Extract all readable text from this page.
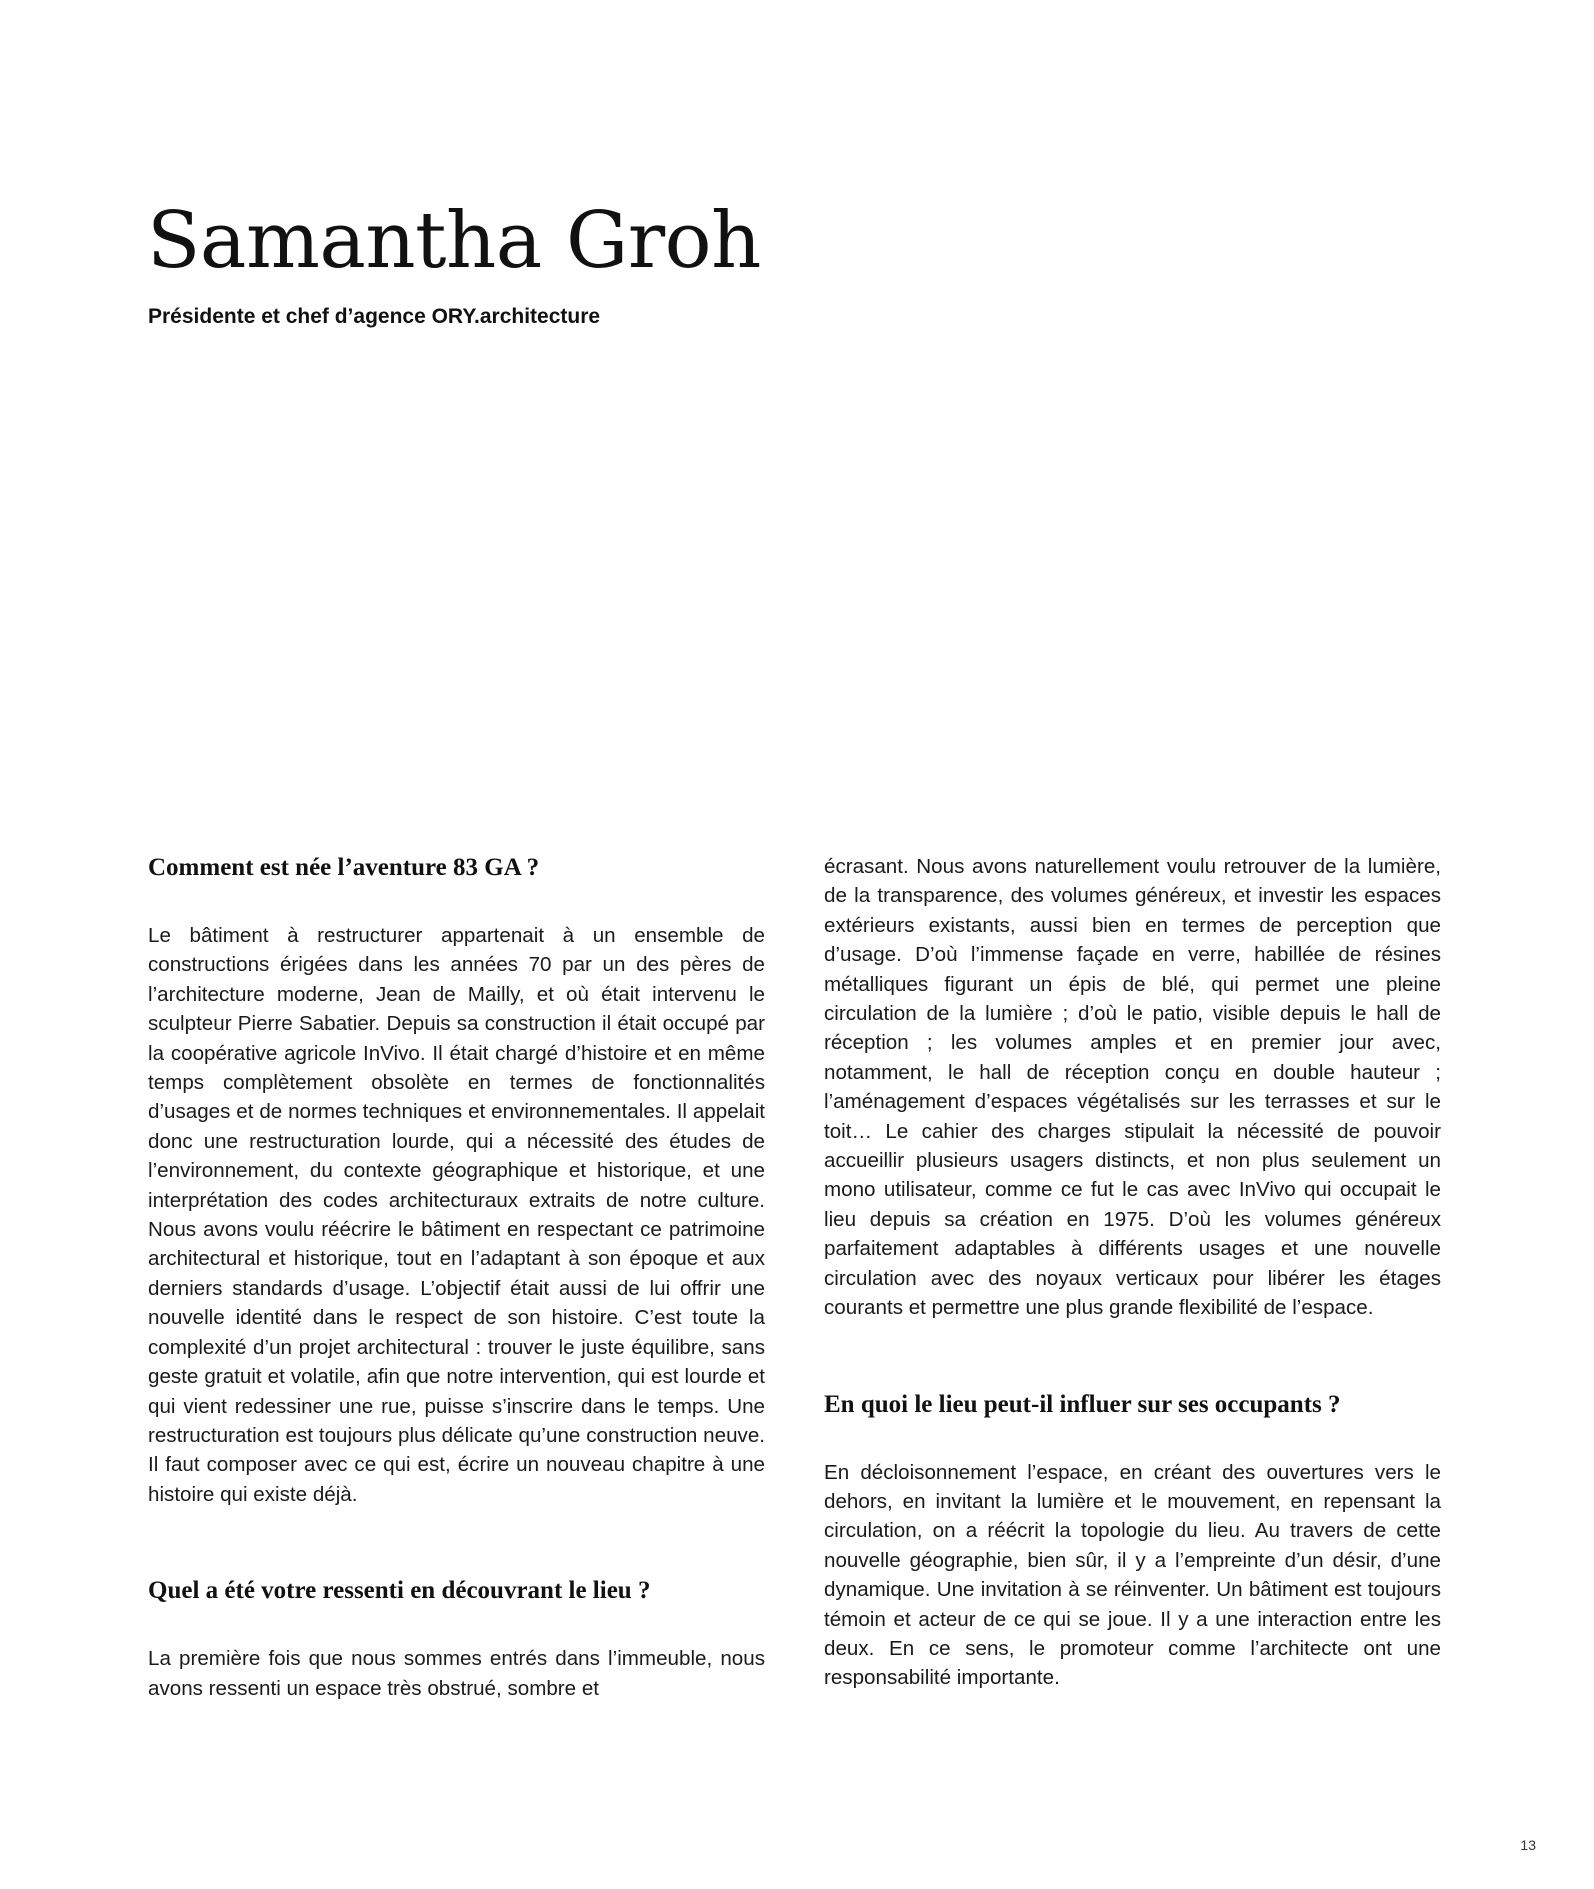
Samantha Groh

Présidente et chef d’agence ORY.architecture

Comment est née l’aventure 83 GA ?

Le bâtiment à restructurer appartenait à un ensemble de constructions érigées dans les années 70 par un des pères de l’architecture moderne, Jean de Mailly, et où était intervenu le sculpteur Pierre Sabatier. Depuis sa construction il était occupé par la coopérative agricole InVivo. Il était chargé d’histoire et en même temps complètement obsolète en termes de fonctionnalités d’usages et de normes techniques et environnementales. Il appelait donc une restructuration lourde, qui a nécessité des études de l’environnement, du contexte géographique et historique, et une interprétation des codes architecturaux extraits de notre culture. Nous avons voulu réécrire le bâtiment en respectant ce patrimoine architectural et historique, tout en l’adaptant à son époque et aux derniers standards d’usage. L’objectif était aussi de lui offrir une nouvelle identité dans le respect de son histoire. C’est toute la complexité d’un projet architectural : trouver le juste équilibre, sans geste gratuit et volatile, afin que notre intervention, qui est lourde et qui vient redessiner une rue, puisse s’inscrire dans le temps. Une restructuration est toujours plus délicate qu’une construction neuve. Il faut composer avec ce qui est, écrire un nouveau chapitre à une histoire qui existe déjà.

Quel a été votre ressenti en découvrant le lieu ?

La première fois que nous sommes entrés dans l’immeuble, nous avons ressenti un espace très obstrué, sombre et

écrasant. Nous avons naturellement voulu retrouver de la lumière, de la transparence, des volumes généreux, et investir les espaces extérieurs existants, aussi bien en termes de perception que d’usage. D’où l’immense façade en verre, habillée de résines métalliques figurant un épis de blé, qui permet une pleine circulation de la lumière ; d’où le patio, visible depuis le hall de réception ; les volumes amples et en premier jour avec, notamment, le hall de réception conçu en double hauteur ; l’aménagement d’espaces végétalisés sur les terrasses et sur le toit… Le cahier des charges stipulait la nécessité de pouvoir accueillir plusieurs usagers distincts, et non plus seulement un mono utilisateur, comme ce fut le cas avec InVivo qui occupait le lieu depuis sa création en 1975. D’où les volumes généreux parfaitement adaptables à différents usages et une nouvelle circulation avec des noyaux verticaux pour libérer les étages courants et permettre une plus grande flexibilité de l’espace.

En quoi le lieu peut-il influer sur ses occupants ?

En décloisonnement l’espace, en créant des ouvertures vers le dehors, en invitant la lumière et le mouvement, en repensant la circulation, on a réécrit la topologie du lieu. Au travers de cette nouvelle géographie, bien sûr, il y a l’empreinte d’un désir, d’une dynamique. Une invitation à se réinventer. Un bâtiment est toujours témoin et acteur de ce qui se joue. Il y a une interaction entre les deux. En ce sens, le promoteur comme l’architecte ont une responsabilité importante.

13
